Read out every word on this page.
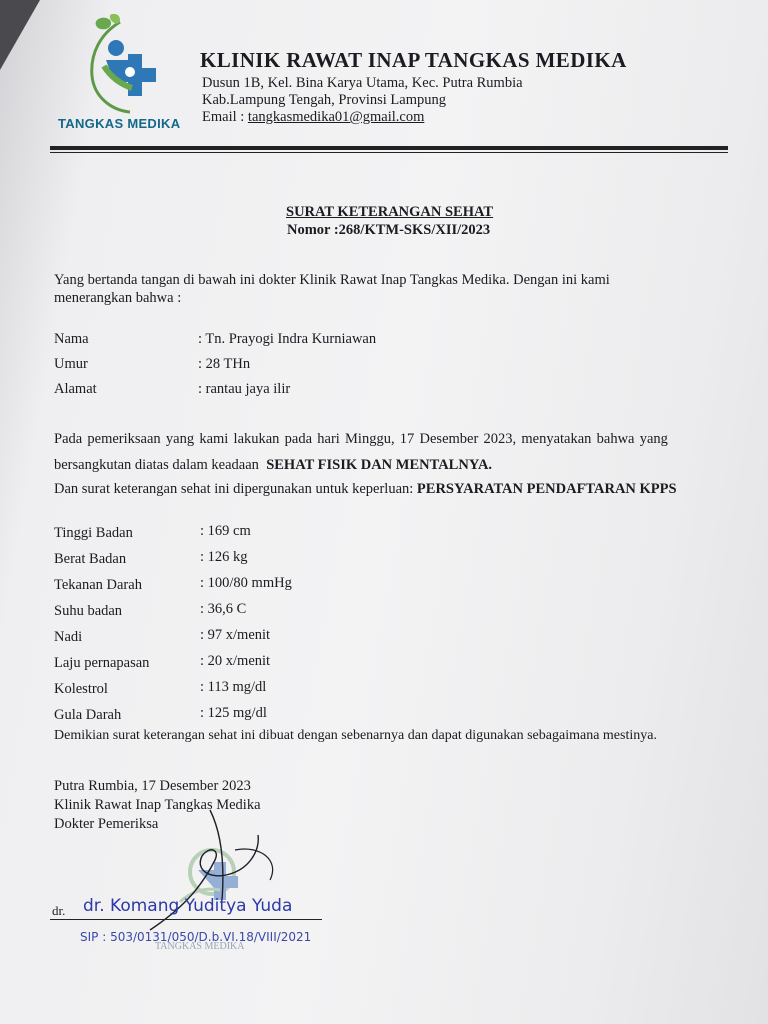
TANGKAS MEDIKA
KLINIK RAWAT INAP TANGKAS MEDIKA
Dusun 1B, Kel. Bina Karya Utama, Kec. Putra Rumbia
Kab.Lampung Tengah, Provinsi Lampung
Email : tangkasmedika01@gmail.com
SURAT KETERANGAN SEHAT
Nomor :268/KTM-SKS/XII/2023
Yang bertanda tangan di bawah ini dokter Klinik Rawat Inap Tangkas Medika. Dengan ini kami
menerangkan bahwa :
Nama	: Tn. Prayogi Indra Kurniawan
Umur	: 28 THn
Alamat	: rantau jaya ilir
Pada pemeriksaan yang kami lakukan pada hari Minggu, 17 Desember 2023, menyatakan bahwa yang
bersangkutan diatas dalam keadaan SEHAT FISIK DAN MENTALNYA.
Dan surat keterangan sehat ini dipergunakan untuk keperluan: PERSYARATAN PENDAFTARAN KPPS
Tinggi Badan	: 169 cm
Berat Badan	: 126 kg
Tekanan Darah	: 100/80 mmHg
Suhu badan	: 36,6 C
Nadi	: 97 x/menit
Laju pernapasan	: 20 x/menit
Kolestrol	: 113 mg/dl
Gula Darah	: 125 mg/dl
Demikian surat keterangan sehat ini dibuat dengan sebenarnya dan dapat digunakan sebagaimana mestinya.
Putra Rumbia, 17 Desember 2023
Klinik Rawat Inap Tangkas Medika
Dokter Pemeriksa
dr. dr. Komang Yuditya Yuda
SIP : 503/0131/050/D.b.VI.18/VIII/2021
TANGKAS MEDIKA
